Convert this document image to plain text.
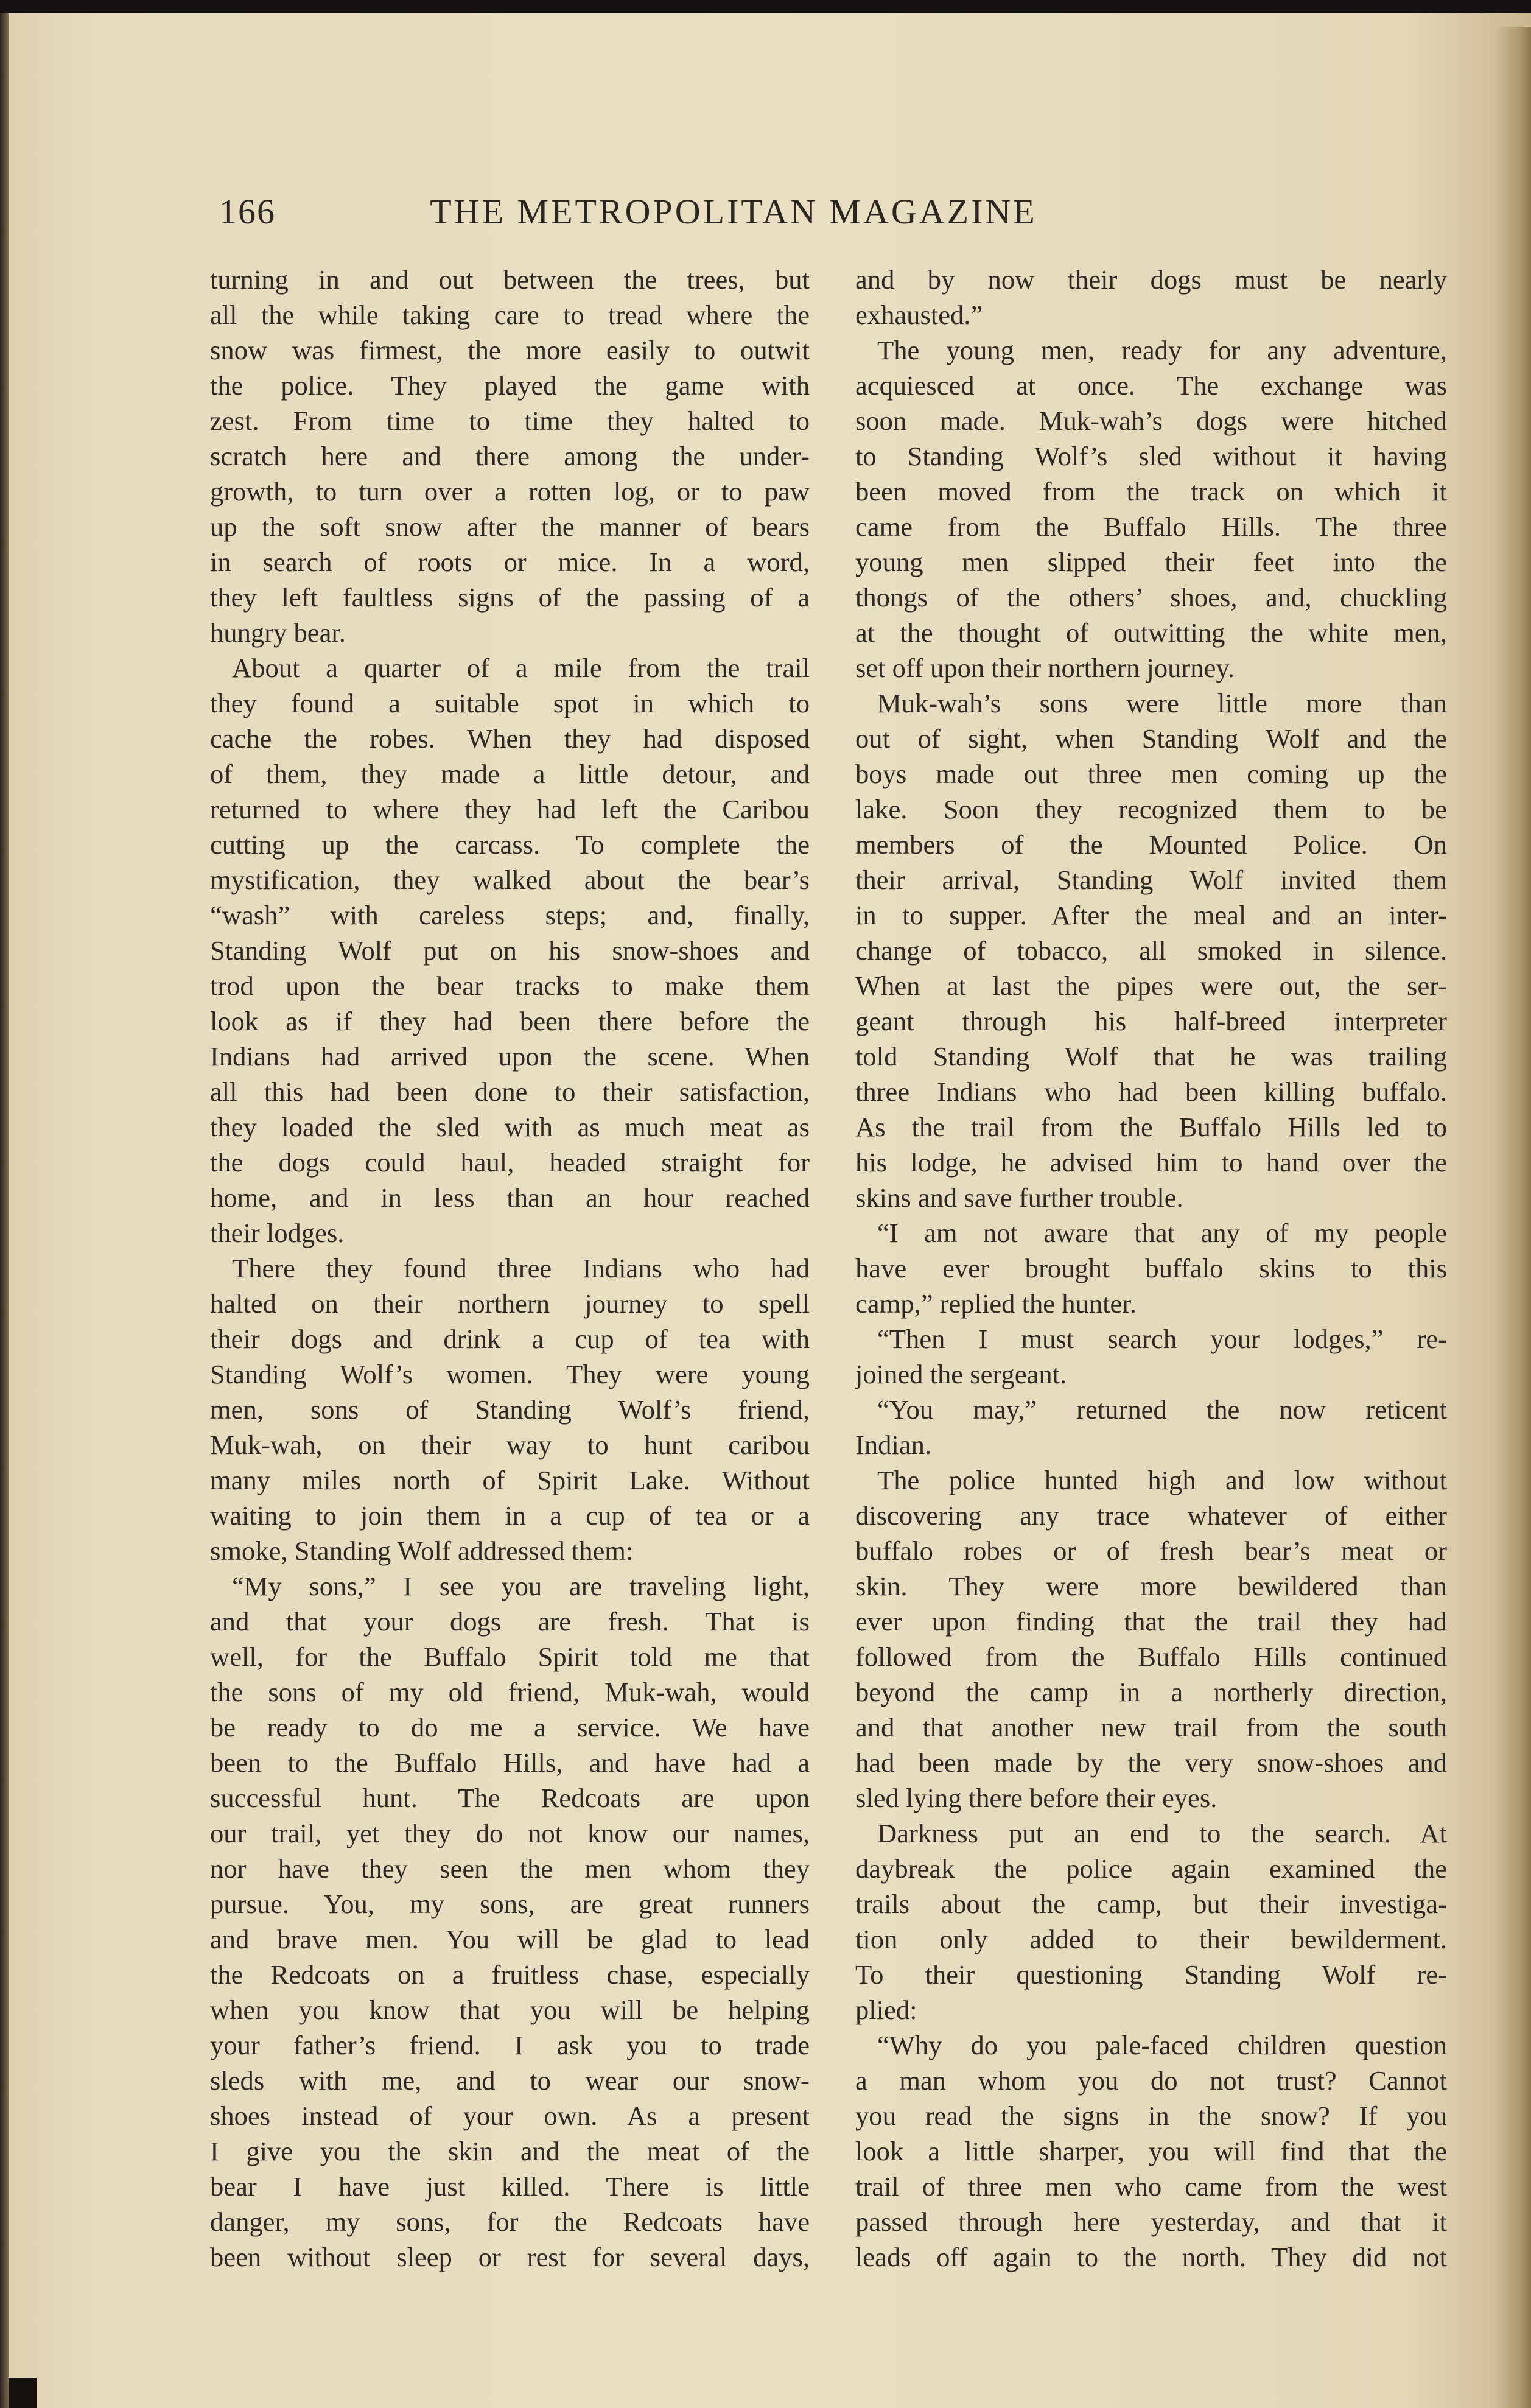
166	THE METROPOLITAN MAGAZINE
turning in and out between the trees, but
all the while taking care to tread where the
snow was firmest, the more easily to outwit
the police. They played the game with
zest. From time to time they halted to
scratch here and there among the under-
growth, to turn over a rotten log, or to paw
up the soft snow after the manner of bears
in search of roots or mice. In a word,
they left faultless signs of the passing of a
hungry bear.
About a quarter of a mile from the trail
they found a suitable spot in which to
cache the robes. When they had disposed
of them, they made a little detour, and
returned to where they had left the Caribou
cutting up the carcass. To complete the
mystification, they walked about the bear’s
“wash” with careless steps; and, finally,
Standing Wolf put on his snow-shoes and
trod upon the bear tracks to make them
look as if they had been there before the
Indians had arrived upon the scene. When
all this had been done to their satisfaction,
they loaded the sled with as much meat as
the dogs could haul, headed straight for
home, and in less than an hour reached
their lodges.
There they found three Indians who had
halted on their northern journey to spell
their dogs and drink a cup of tea with
Standing Wolf’s women. They were young
men, sons of Standing Wolf’s friend,
Muk-wah, on their way to hunt caribou
many miles north of Spirit Lake. Without
waiting to join them in a cup of tea or a
smoke, Standing Wolf addressed them:
“My sons,” I see you are traveling light,
and that your dogs are fresh. That is
well, for the Buffalo Spirit told me that
the sons of my old friend, Muk-wah, would
be ready to do me a service. We have
been to the Buffalo Hills, and have had a
successful hunt. The Redcoats are upon
our trail, yet they do not know our names,
nor have they seen the men whom they
pursue. You, my sons, are great runners
and brave men. You will be glad to lead
the Redcoats on a fruitless chase, especially
when you know that you will be helping
your father’s friend. I ask you to trade
sleds with me, and to wear our snow-
shoes instead of your own. As a present
I give you the skin and the meat of the
bear I have just killed. There is little
danger, my sons, for the Redcoats have
been without sleep or rest for several days,
and by now their dogs must be nearly
exhausted.”
The young men, ready for any adventure,
acquiesced at once. The exchange was
soon made. Muk-wah’s dogs were hitched
to Standing Wolf’s sled without it having
been moved from the track on which it
came from the Buffalo Hills. The three
young men slipped their feet into the
thongs of the others’ shoes, and, chuckling
at the thought of outwitting the white men,
set off upon their northern journey.
Muk-wah’s sons were little more than
out of sight, when Standing Wolf and the
boys made out three men coming up the
lake. Soon they recognized them to be
members of the Mounted Police. On
their arrival, Standing Wolf invited them
in to supper. After the meal and an inter-
change of tobacco, all smoked in silence.
When at last the pipes were out, the ser-
geant through his half-breed interpreter
told Standing Wolf that he was trailing
three Indians who had been killing buffalo.
As the trail from the Buffalo Hills led to
his lodge, he advised him to hand over the
skins and save further trouble.
“I am not aware that any of my people
have ever brought buffalo skins to this
camp,” replied the hunter.
“Then I must search your lodges,” re-
joined the sergeant.
“You may,” returned the now reticent
Indian.
The police hunted high and low without
discovering any trace whatever of either
buffalo robes or of fresh bear’s meat or
skin. They were more bewildered than
ever upon finding that the trail they had
followed from the Buffalo Hills continued
beyond the camp in a northerly direction,
and that another new trail from the south
had been made by the very snow-shoes and
sled lying there before their eyes.
Darkness put an end to the search. At
daybreak the police again examined the
trails about the camp, but their investiga-
tion only added to their bewilderment.
To their questioning Standing Wolf re-
plied:
“Why do you pale-faced children question
a man whom you do not trust? Cannot
you read the signs in the snow? If you
look a little sharper, you will find that the
trail of three men who came from the west
passed through here yesterday, and that it
leads off again to the north. They did not
